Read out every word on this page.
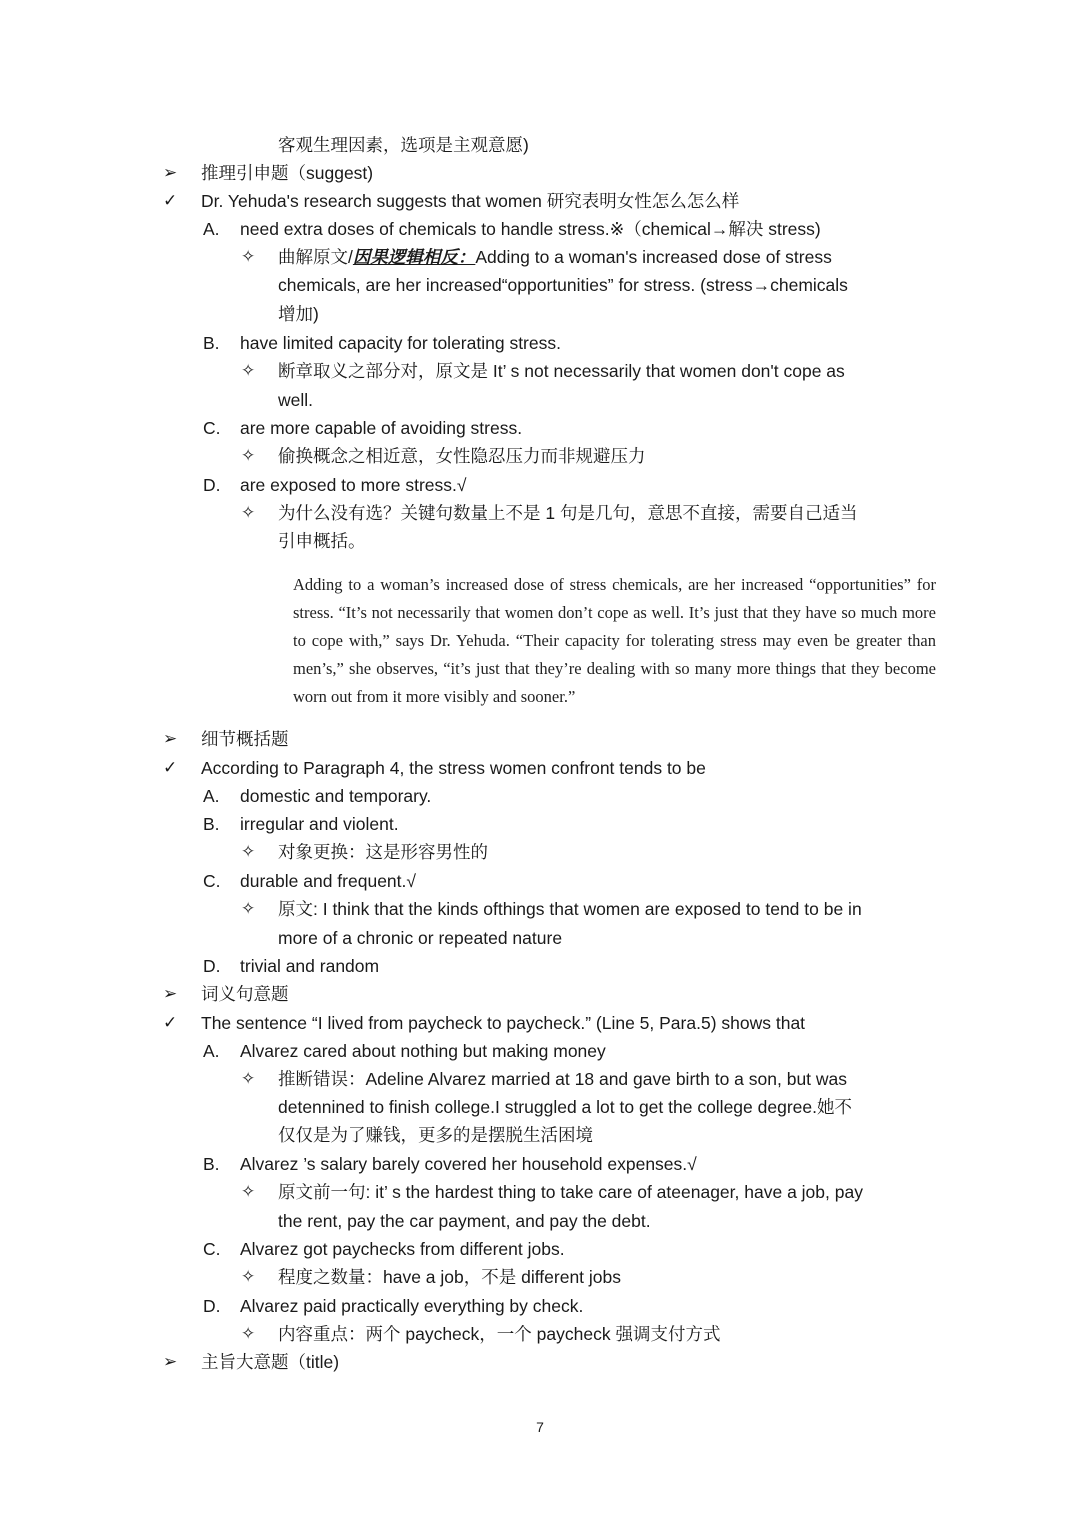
客观生理因素，选项是主观意愿)
➢ 推理引申题（suggest)
✓ Dr. Yehuda's research suggests that women 研究表明女性怎么怎么样
A. need extra doses of chemicals to handle stress.※（chemical→解决 stress)
✧ 曲解原文/因果逻辑相反：Adding to a woman's increased dose of stress
chemicals, are her increased“opportunities” for stress. (stress→chemicals
增加)
B. have limited capacity for tolerating stress.
✧ 断章取义之部分对，原文是 It’ s not necessarily that women don't cope as
well.
C. are more capable of avoiding stress.
✧ 偷换概念之相近意，女性隐忍压力而非规避压力
D. are exposed to more stress.√
✧ 为什么没有选？关键句数量上不是 1 句是几句，意思不直接，需要自己适当
引申概括。
Adding to a woman’s increased dose of stress chemicals, are her increased “opportunities” for stress. “It’s not necessarily that women don’t cope as well. It’s just that they have so much more to cope with,” says Dr. Yehuda. “Their capacity for tolerating stress may even be greater than men’s,” she observes, “it’s just that they’re dealing with so many more things that they become worn out from it more visibly and sooner.”
➢ 细节概括题
✓ According to Paragraph 4, the stress women confront tends to be
A. domestic and temporary.
B. irregular and violent.
✧ 对象更换：这是形容男性的
C. durable and frequent.√
✧ 原文: I think that the kinds ofthings that women are exposed to tend to be in
more of a chronic or repeated nature
D. trivial and random
➢ 词义句意题
✓ The sentence “I lived from paycheck to paycheck.” (Line 5, Para.5) shows that
A. Alvarez cared about nothing but making money
✧ 推断错误：Adeline Alvarez married at 18 and gave birth to a son, but was
detennined to finish college.I struggled a lot to get the college degree.她不
仅仅是为了赚钱，更多的是摆脱生活困境
B. Alvarez ’s salary barely covered her household expenses.√
✧ 原文前一句: it’ s the hardest thing to take care of ateenager, have a job, pay
the rent, pay the car payment, and pay the debt.
C. Alvarez got paychecks from different jobs.
✧ 程度之数量：have a job，不是 different jobs
D. Alvarez paid practically everything by check.
✧ 内容重点：两个 paycheck，一个 paycheck 强调支付方式
➢ 主旨大意题（title)
7
